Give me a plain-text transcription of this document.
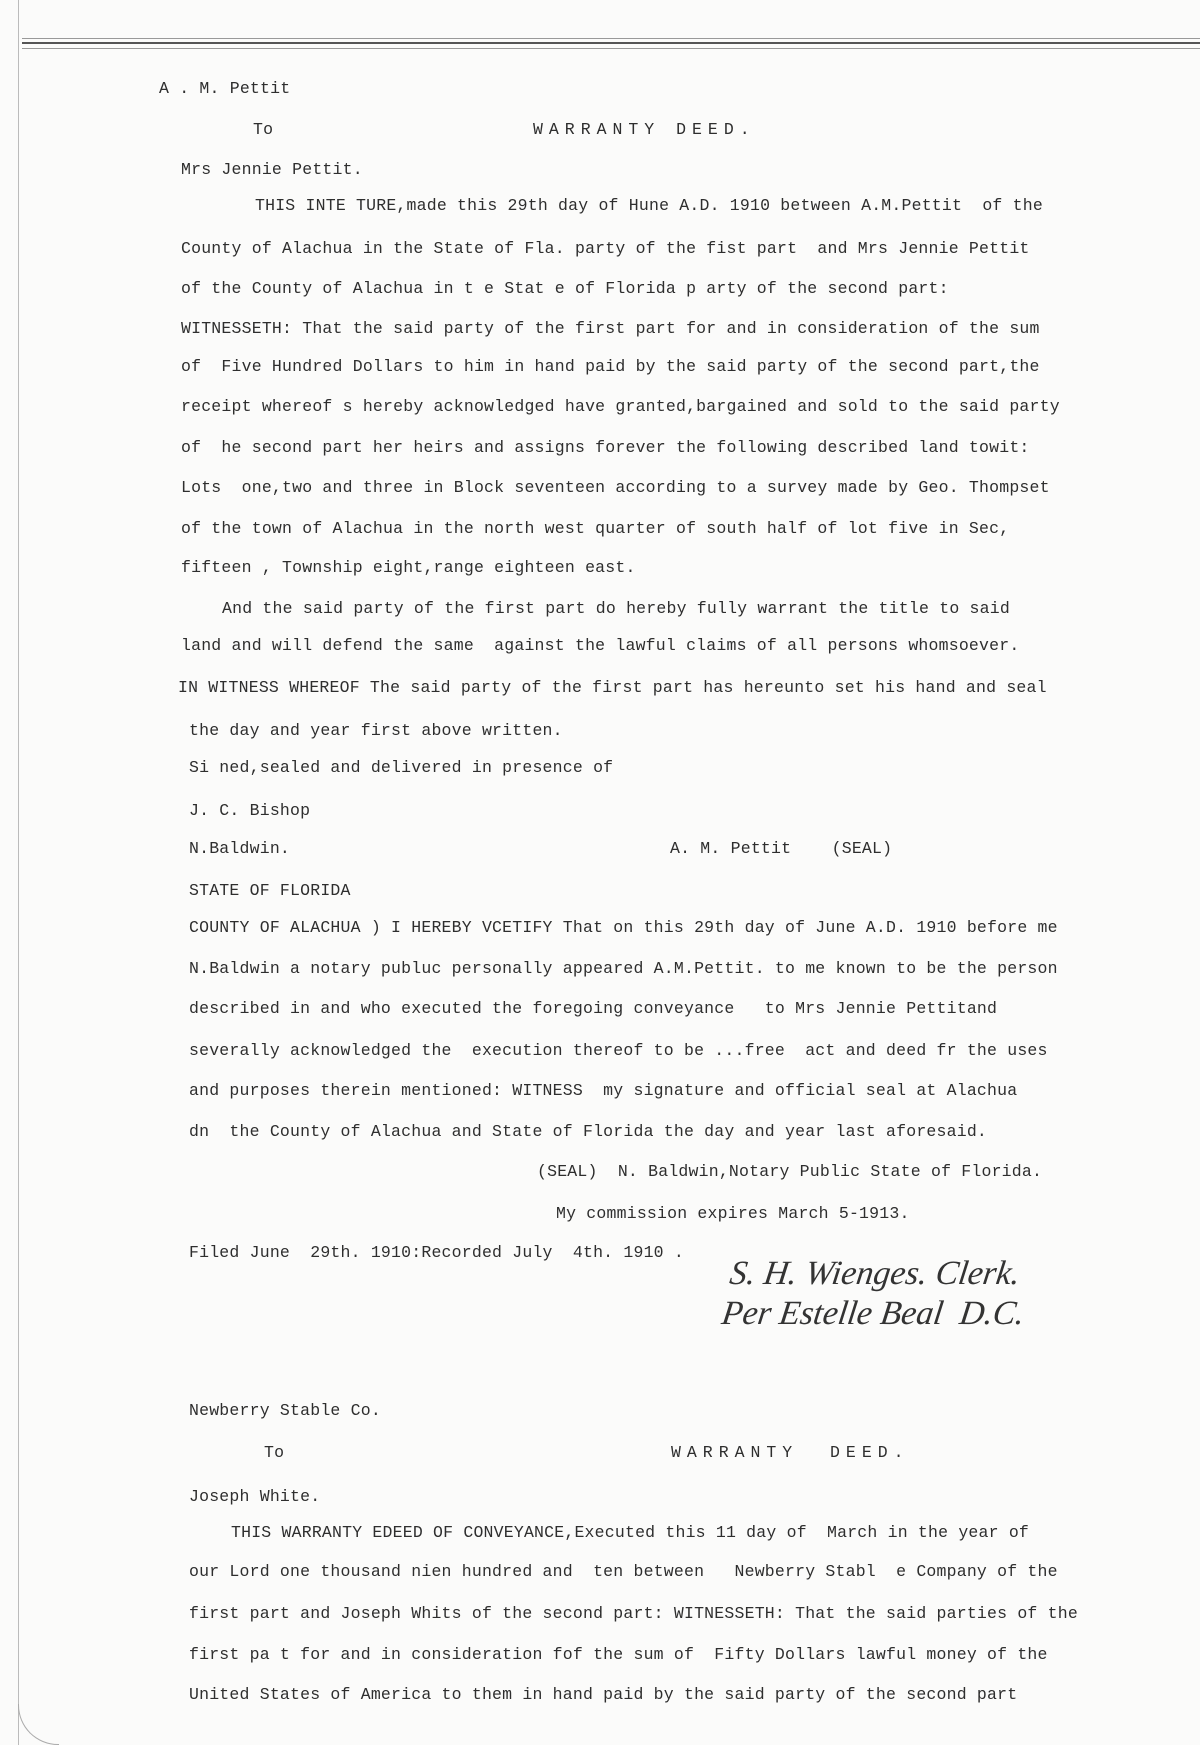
A . M. Pettit
To	WARRANTY DEED.
Mrs Jennie Pettit.
THIS INTE TURE,made this 29th day of Hune A.D. 1910 between A.M.Pettit  of the
County of Alachua in the State of Fla. party of the fist part  and Mrs Jennie Pettit
of the County of Alachua in t e Stat e of Florida p arty of the second part:
WITNESSETH: That the said party of the first part for and in consideration of the sum
of  Five Hundred Dollars to him in hand paid by the said party of the second part,the
receipt whereof s hereby acknowledged have granted,bargained and sold to the said party
of  he second part her heirs and assigns forever the following described land towit:
Lots  one,two and three in Block seventeen according to a survey made by Geo. Thompset
of the town of Alachua in the north west quarter of south half of lot five in Sec,
fifteen , Township eight,range eighteen east.
And the said party of the first part do hereby fully warrant the title to said
land and will defend the same  against the lawful claims of all persons whomsoever.
IN WITNESS WHEREOF The said party of the first part has hereunto set his hand and seal
the day and year first above written.
Si ned,sealed and delivered in presence of
J. C. Bishop
N.Baldwin.	A. M. Pettit    (SEAL)
STATE OF FLORIDA
COUNTY OF ALACHUA ) I HEREBY VCETIFY That on this 29th day of June A.D. 1910 before me
N.Baldwin a notary publuc personally appeared A.M.Pettit. to me known to be the person
described in and who executed the foregoing conveyance   to Mrs Jennie Pettitand
severally acknowledged the  execution thereof to be ...free  act and deed fr the uses
and purposes therein mentioned: WITNESS  my signature and official seal at Alachua
dn  the County of Alachua and State of Florida the day and year last aforesaid.
(SEAL)  N. Baldwin,Notary Public State of Florida.
My commission expires March 5-1913.
Filed June  29th. 1910:Recorded July  4th. 1910 .
S. H. Wienges. Clerk.
Per Estelle Beal  D.C.
Newberry Stable Co.
To	WARRANTY  DEED.
Joseph White.
THIS WARRANTY EDEED OF CONVEYANCE,Executed this 11 day of  March in the year of
our Lord one thousand nien hundred and  ten between   Newberry Stabl  e Company of the
first part and Joseph Whits of the second part: WITNESSETH: That the said parties of the
first pa t for and in consideration fof the sum of  Fifty Dollars lawful money of the
United States of America to them in hand paid by the said party of the second part
